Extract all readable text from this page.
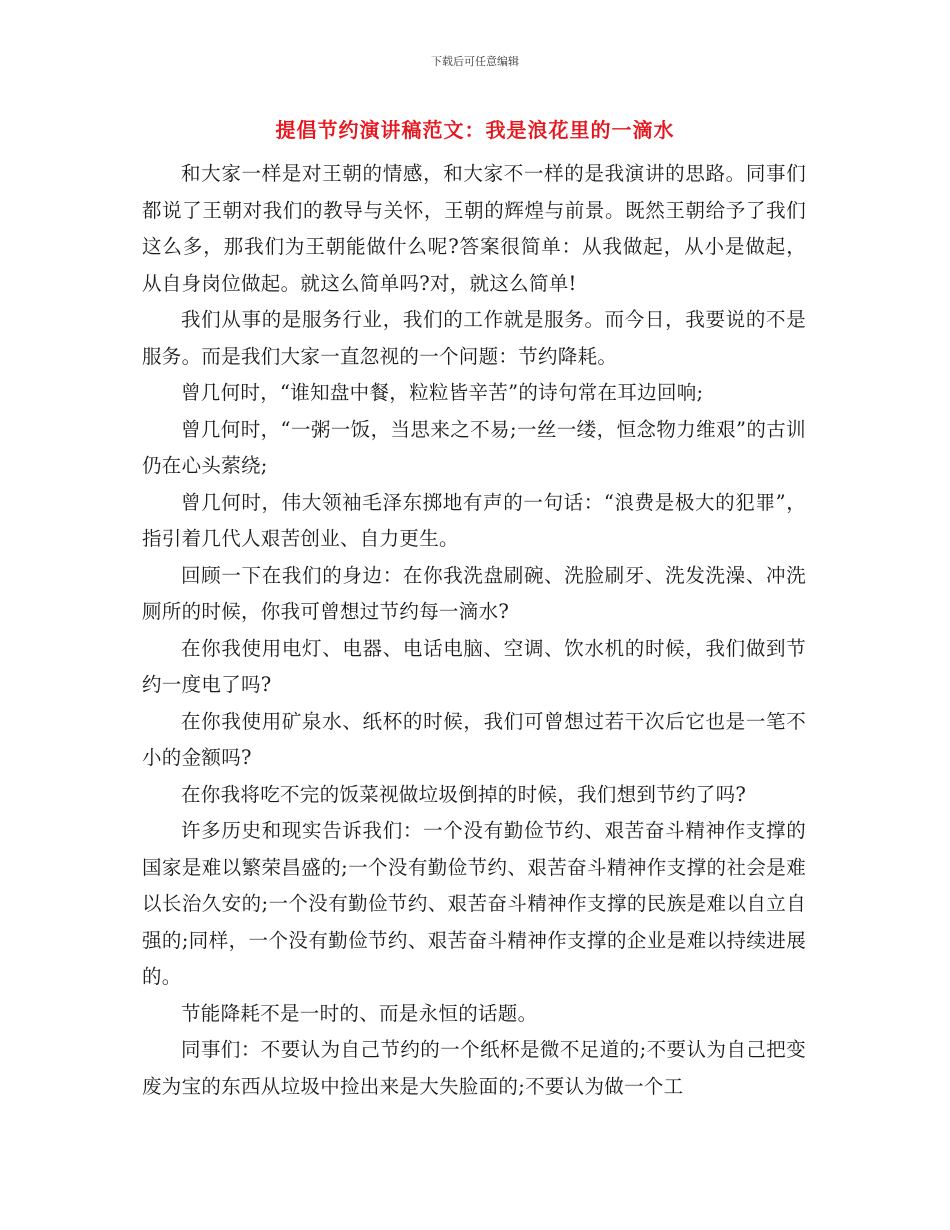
下载后可任意编辑
提倡节约演讲稿范文：我是浪花里的一滴水

和大家一样是对王朝的情感，和大家不一样的是我演讲的思路。同事们都说了王朝对我们的教导与关怀，王朝的辉煌与前景。既然王朝给予了我们这么多，那我们为王朝能做什么呢?答案很简单：从我做起，从小是做起，从自身岗位做起。就这么简单吗?对，就这么简单!

我们从事的是服务行业，我们的工作就是服务。而今日，我要说的不是服务。而是我们大家一直忽视的一个问题：节约降耗。

曾几何时，“谁知盘中餐，粒粒皆辛苦”的诗句常在耳边回响;

曾几何时，“一粥一饭，当思来之不易;一丝一缕，恒念物力维艰”的古训仍在心头萦绕;

曾几何时，伟大领袖毛泽东掷地有声的一句话：“浪费是极大的犯罪”，指引着几代人艰苦创业、自力更生。

回顾一下在我们的身边：在你我洗盘刷碗、洗脸刷牙、洗发洗澡、冲洗厕所的时候，你我可曾想过节约每一滴水?

在你我使用电灯、电器、电话电脑、空调、饮水机的时候，我们做到节约一度电了吗?

在你我使用矿泉水、纸杯的时候，我们可曾想过若干次后它也是一笔不小的金额吗?

在你我将吃不完的饭菜视做垃圾倒掉的时候，我们想到节约了吗?

许多历史和现实告诉我们：一个没有勤俭节约、艰苦奋斗精神作支撑的国家是难以繁荣昌盛的;一个没有勤俭节约、艰苦奋斗精神作支撑的社会是难以长治久安的;一个没有勤俭节约、艰苦奋斗精神作支撑的民族是难以自立自强的;同样，一个没有勤俭节约、艰苦奋斗精神作支撑的企业是难以持续进展的。

节能降耗不是一时的、而是永恒的话题。

同事们：不要认为自己节约的一个纸杯是微不足道的;不要认为自己把变废为宝的东西从垃圾中捡出来是大失脸面的;不要认为做一个工
